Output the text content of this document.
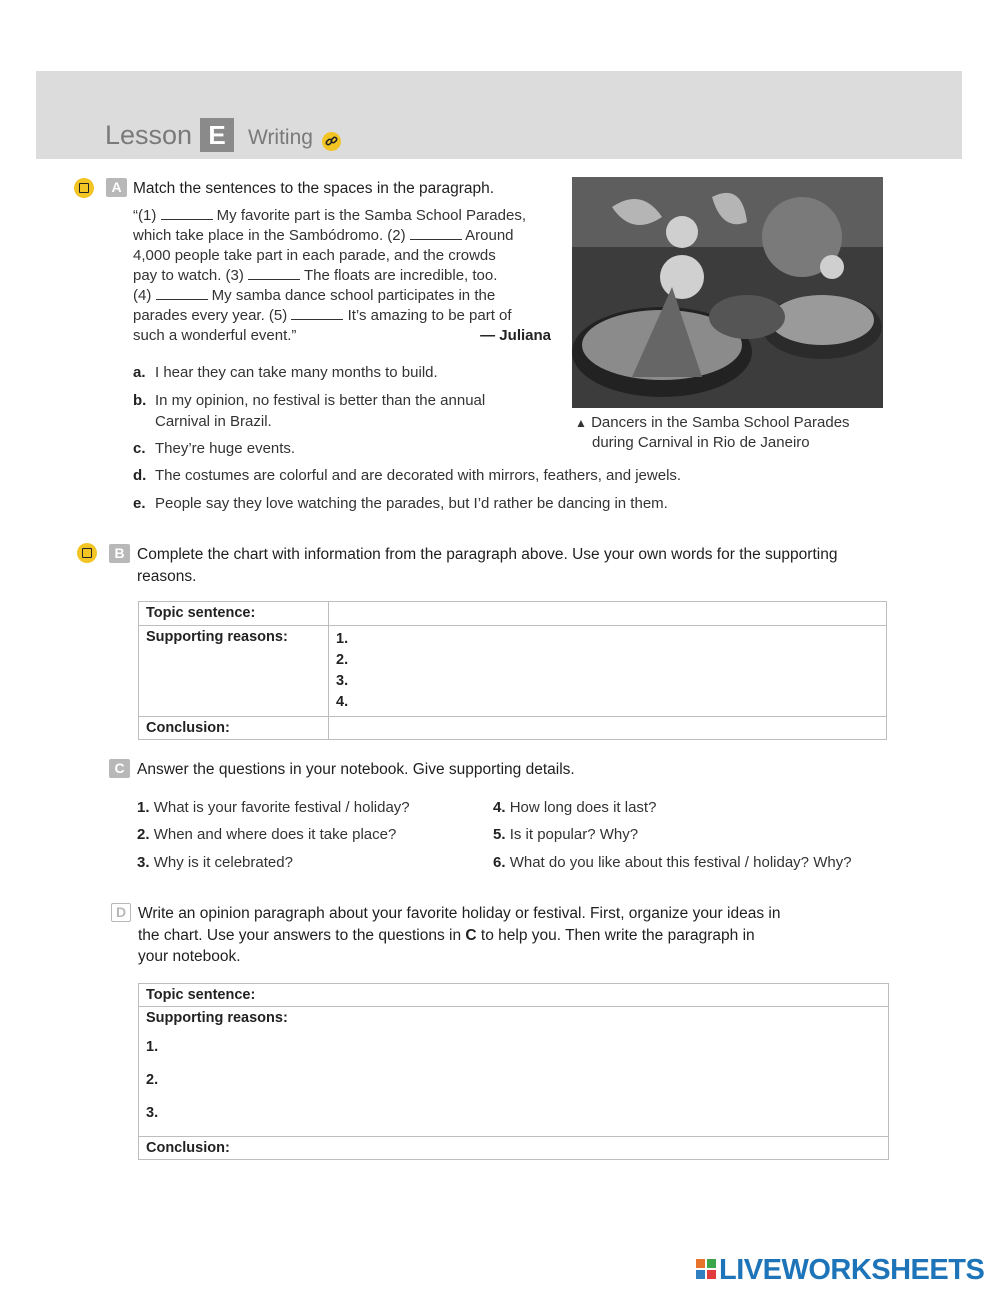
Lesson E	Writing
A Match the sentences to the spaces in the paragraph.
“(1)	My favorite part is the Samba School Parades,
which take place in the Sambódromo. (2)	Around
4,000 people take part in each parade, and the crowds
pay to watch. (3)	The floats are incredible, too.
(4)	My samba dance school participates in the
parades every year. (5)	It’s amazing to be part of
such a wonderful event.”	— Juliana
a. I hear they can take many months to build.
b. In my opinion, no festival is better than the annual
Carnival in Brazil.
c. They’re huge events.
d. The costumes are colorful and are decorated with mirrors, feathers, and jewels.
e. People say they love watching the parades, but I’d rather be dancing in them.
▲ Dancers in the Samba School Parades
during Carnival in Rio de Janeiro
B Complete the chart with information from the paragraph above. Use your own words for the supporting
reasons.
Topic sentence:	
Supporting reasons:	1.
2.
3.
4.

Conclusion:	
C Answer the questions in your notebook. Give supporting details.
1. What is your favorite festival / holiday?
2. When and where does it take place?
3. Why is it celebrated?
4. How long does it last?
5. Is it popular? Why?
6. What do you like about this festival / holiday? Why?
D Write an opinion paragraph about your favorite holiday or festival. First, organize your ideas in
the chart. Use your answers to the questions in C to help you. Then write the paragraph in
your notebook.
Topic sentence:

Supporting reasons:
1.
2.
3.

Conclusion:
LIVEWORKSHEETS
